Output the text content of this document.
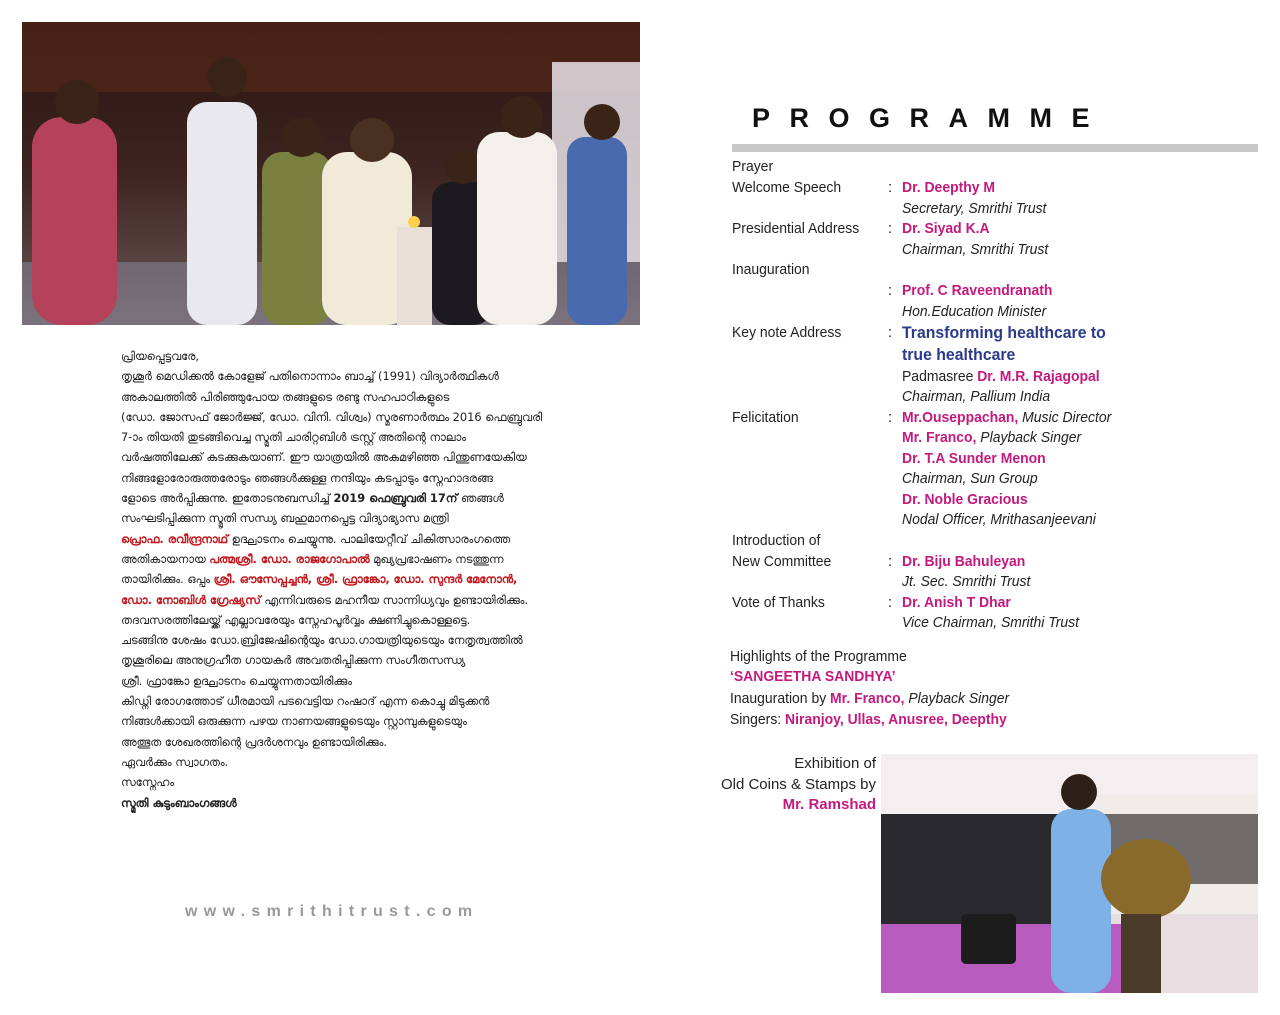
പ്രിയപ്പെട്ടവരേ,
തൃശൂർ മെഡിക്കൽ കോളേജ് പതിനൊന്നാം ബാച്ച് (1991) വിദ്യാർത്ഥികൾ
അകാലത്തിൽ പിരിഞ്ഞുപോയ തങ്ങളുടെ രണ്ടു സഹപാഠികളുടെ
(ഡോ. ജോസഫ് ജോർജ്ജ്, ഡോ. വിനി. വിശ്വം) സ്മരണാർത്ഥം 2016 ഫെബ്രുവരി
7-ാം തിയതി തുടങ്ങിവെച്ച സ്മൃതി ചാരിറ്റബിൾ ട്രസ്റ്റ് അതിന്റെ നാലാം
വർഷത്തിലേക്ക് കടക്കുകയാണ്. ഈ യാത്രയിൽ അകമഴിഞ്ഞ പിന്തുണയേകിയ
നിങ്ങളോരോരുത്തരോടും ഞങ്ങൾക്കുള്ള നന്ദിയും കടപ്പാടും സ്നേഹാദരങ്ങ
ളോടെ അർപ്പിക്കുന്നു. ഇതോടനുബന്ധിച്ച് 2019 ഫെബ്രുവരി 17ന് ഞങ്ങൾ
സംഘടിപ്പിക്കുന്ന സ്മൃതി സന്ധ്യ ബഹുമാനപ്പെട്ട വിദ്യാഭ്യാസ മന്ത്രി
പ്രൊഫ. രവീന്ദ്രനാഥ് ഉദ്ഘാടനം ചെയ്യുന്നു. പാലിയേറ്റീവ് ചികിത്സാരംഗത്തെ
അതികായനായ പത്മശ്രീ. ഡോ. രാജഗോപാൽ മുഖ്യപ്രഭാഷണം നടത്തുന്ന
തായിരിക്കും. ഒപ്പം ശ്രീ. ഔസേപ്പച്ചൻ, ശ്രീ. ഫ്രാങ്കോ, ഡോ. സുന്ദർ മേനോൻ,
ഡോ. നോബിൾ ഗ്രേഷ്യസ് എന്നിവരുടെ മഹനീയ സാന്നിധ്യവും ഉണ്ടായിരിക്കും.
തദവസരത്തിലേയ്ക്ക് എല്ലാവരേയും സ്നേഹപൂർവ്വം ക്ഷണിച്ചുകൊള്ളട്ടെ.
ചടങ്ങിനു ശേഷം ഡോ.ബ്രിജേഷിന്റെയും ഡോ.ഗായത്രിയുടെയും നേതൃത്വത്തിൽ
തൃശൂരിലെ അനുഗ്രഹീത ഗായകർ അവതരിപ്പിക്കുന്ന സംഗീതസന്ധ്യ
ശ്രീ. ഫ്രാങ്കോ ഉദ്ഘാടനം ചെയ്യുന്നതായിരിക്കും
കിഡ്നി രോഗത്തോട് ധീരമായി പടവെട്ടിയ റംഷാദ് എന്ന കൊച്ചു മിടുക്കൻ
നിങ്ങൾക്കായി ഒരുക്കുന്ന പഴയ നാണയങ്ങളുടെയും സ്റ്റാമ്പുകളുടെയും
അത്ഭുത ശേഖരത്തിന്റെ പ്രദർശനവും ഉണ്ടായിരിക്കും.
ഏവർക്കും സ്വാഗതം.
സസ്നേഹം
സ്മൃതി കുടുംബാംഗങ്ങൾ
www.smrithitrust.com
PROGRAMME
Prayer
Welcome Speech	: Dr. Deepthy M
Secretary, Smrithi Trust
Presidential Address : Dr. Siyad K.A
Chairman, Smrithi Trust
Inauguration
: Prof. C Raveendranath
Hon.Education Minister
Key note Address	: Transforming healthcare to
true healthcare
Padmasree Dr. M.R. Rajagopal
Chairman, Pallium India
Felicitation	: Mr.Ouseppachan, Music Director
Mr. Franco, Playback Singer
Dr. T.A Sunder Menon
Chairman, Sun Group
Dr. Noble Gracious
Nodal Officer, Mrithasanjeevani
Introduction of
New Committee	: Dr. Biju Bahuleyan
Jt. Sec. Smrithi Trust
Vote of Thanks	: Dr. Anish T Dhar
Vice Chairman, Smrithi Trust
Highlights of the Programme
‘SANGEETHA SANDHYA’
Inauguration by Mr. Franco, Playback Singer
Singers: Niranjoy, Ullas, Anusree, Deepthy
Exhibition of
Old Coins & Stamps by
Mr. Ramshad
